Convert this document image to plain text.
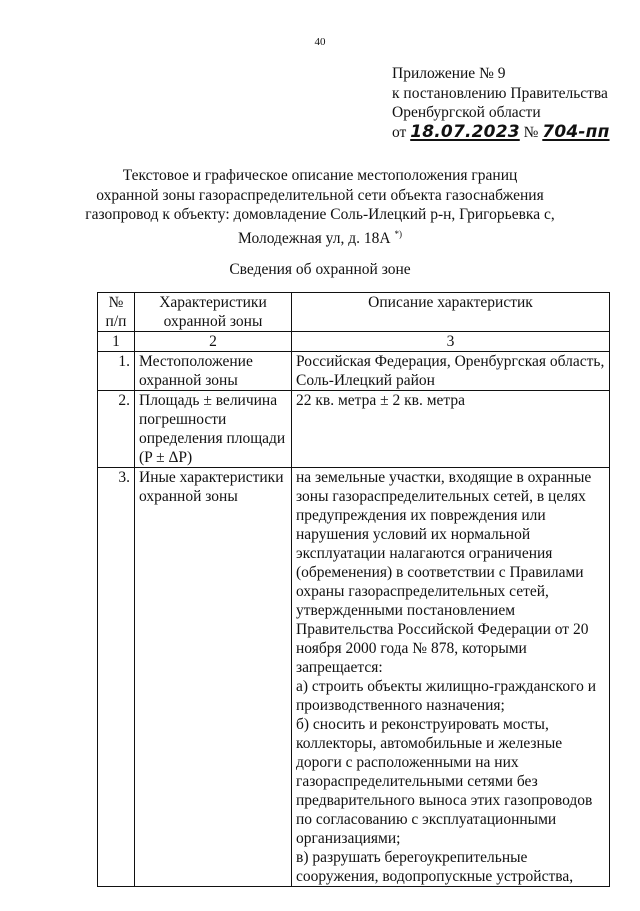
40
Приложение № 9
к постановлению Правительства
Оренбургской области
от 18.07.2023 № 704-пп
Текстовое и графическое описание местоположения границ
охранной зоны газораспределительной сети объекта газоснабжения
газопровод к объекту: домовладение Соль-Илецкий р-н, Григорьевка с,
Молодежная ул, д. 18А *)
Сведения об охранной зоне
№ п/п	Характеристики охранной зоны	Описание характеристик
1	2	3
1.	Местоположение охранной зоны	Российская Федерация, Оренбургская область, Соль-Илецкий район

2.	Площадь ± величина погрешности определения площади (P ± ΔP)	22 кв. метра ± 2 кв. метра

3.	Иные характеристики охранной зоны	на земельные участки, входящие в охранные зоны газораспределительных сетей, в целях предупреждения их повреждения или нарушения условий их нормальной эксплуатации налагаются ограничения (обременения) в соответствии с Правилами охраны газораспределительных сетей, утвержденными постановлением Правительства Российской Федерации от 20 ноября 2000 года № 878, которыми запрещается:
а) строить объекты жилищно-гражданского и производственного назначения;
б) сносить и реконструировать мосты, коллекторы, автомобильные и железные дороги с расположенными на них газораспределительными сетями без предварительного выноса этих газопроводов по согласованию с эксплуатационными организациями;
в) разрушать берегоукрепительные сооружения, водопропускные устройства,
